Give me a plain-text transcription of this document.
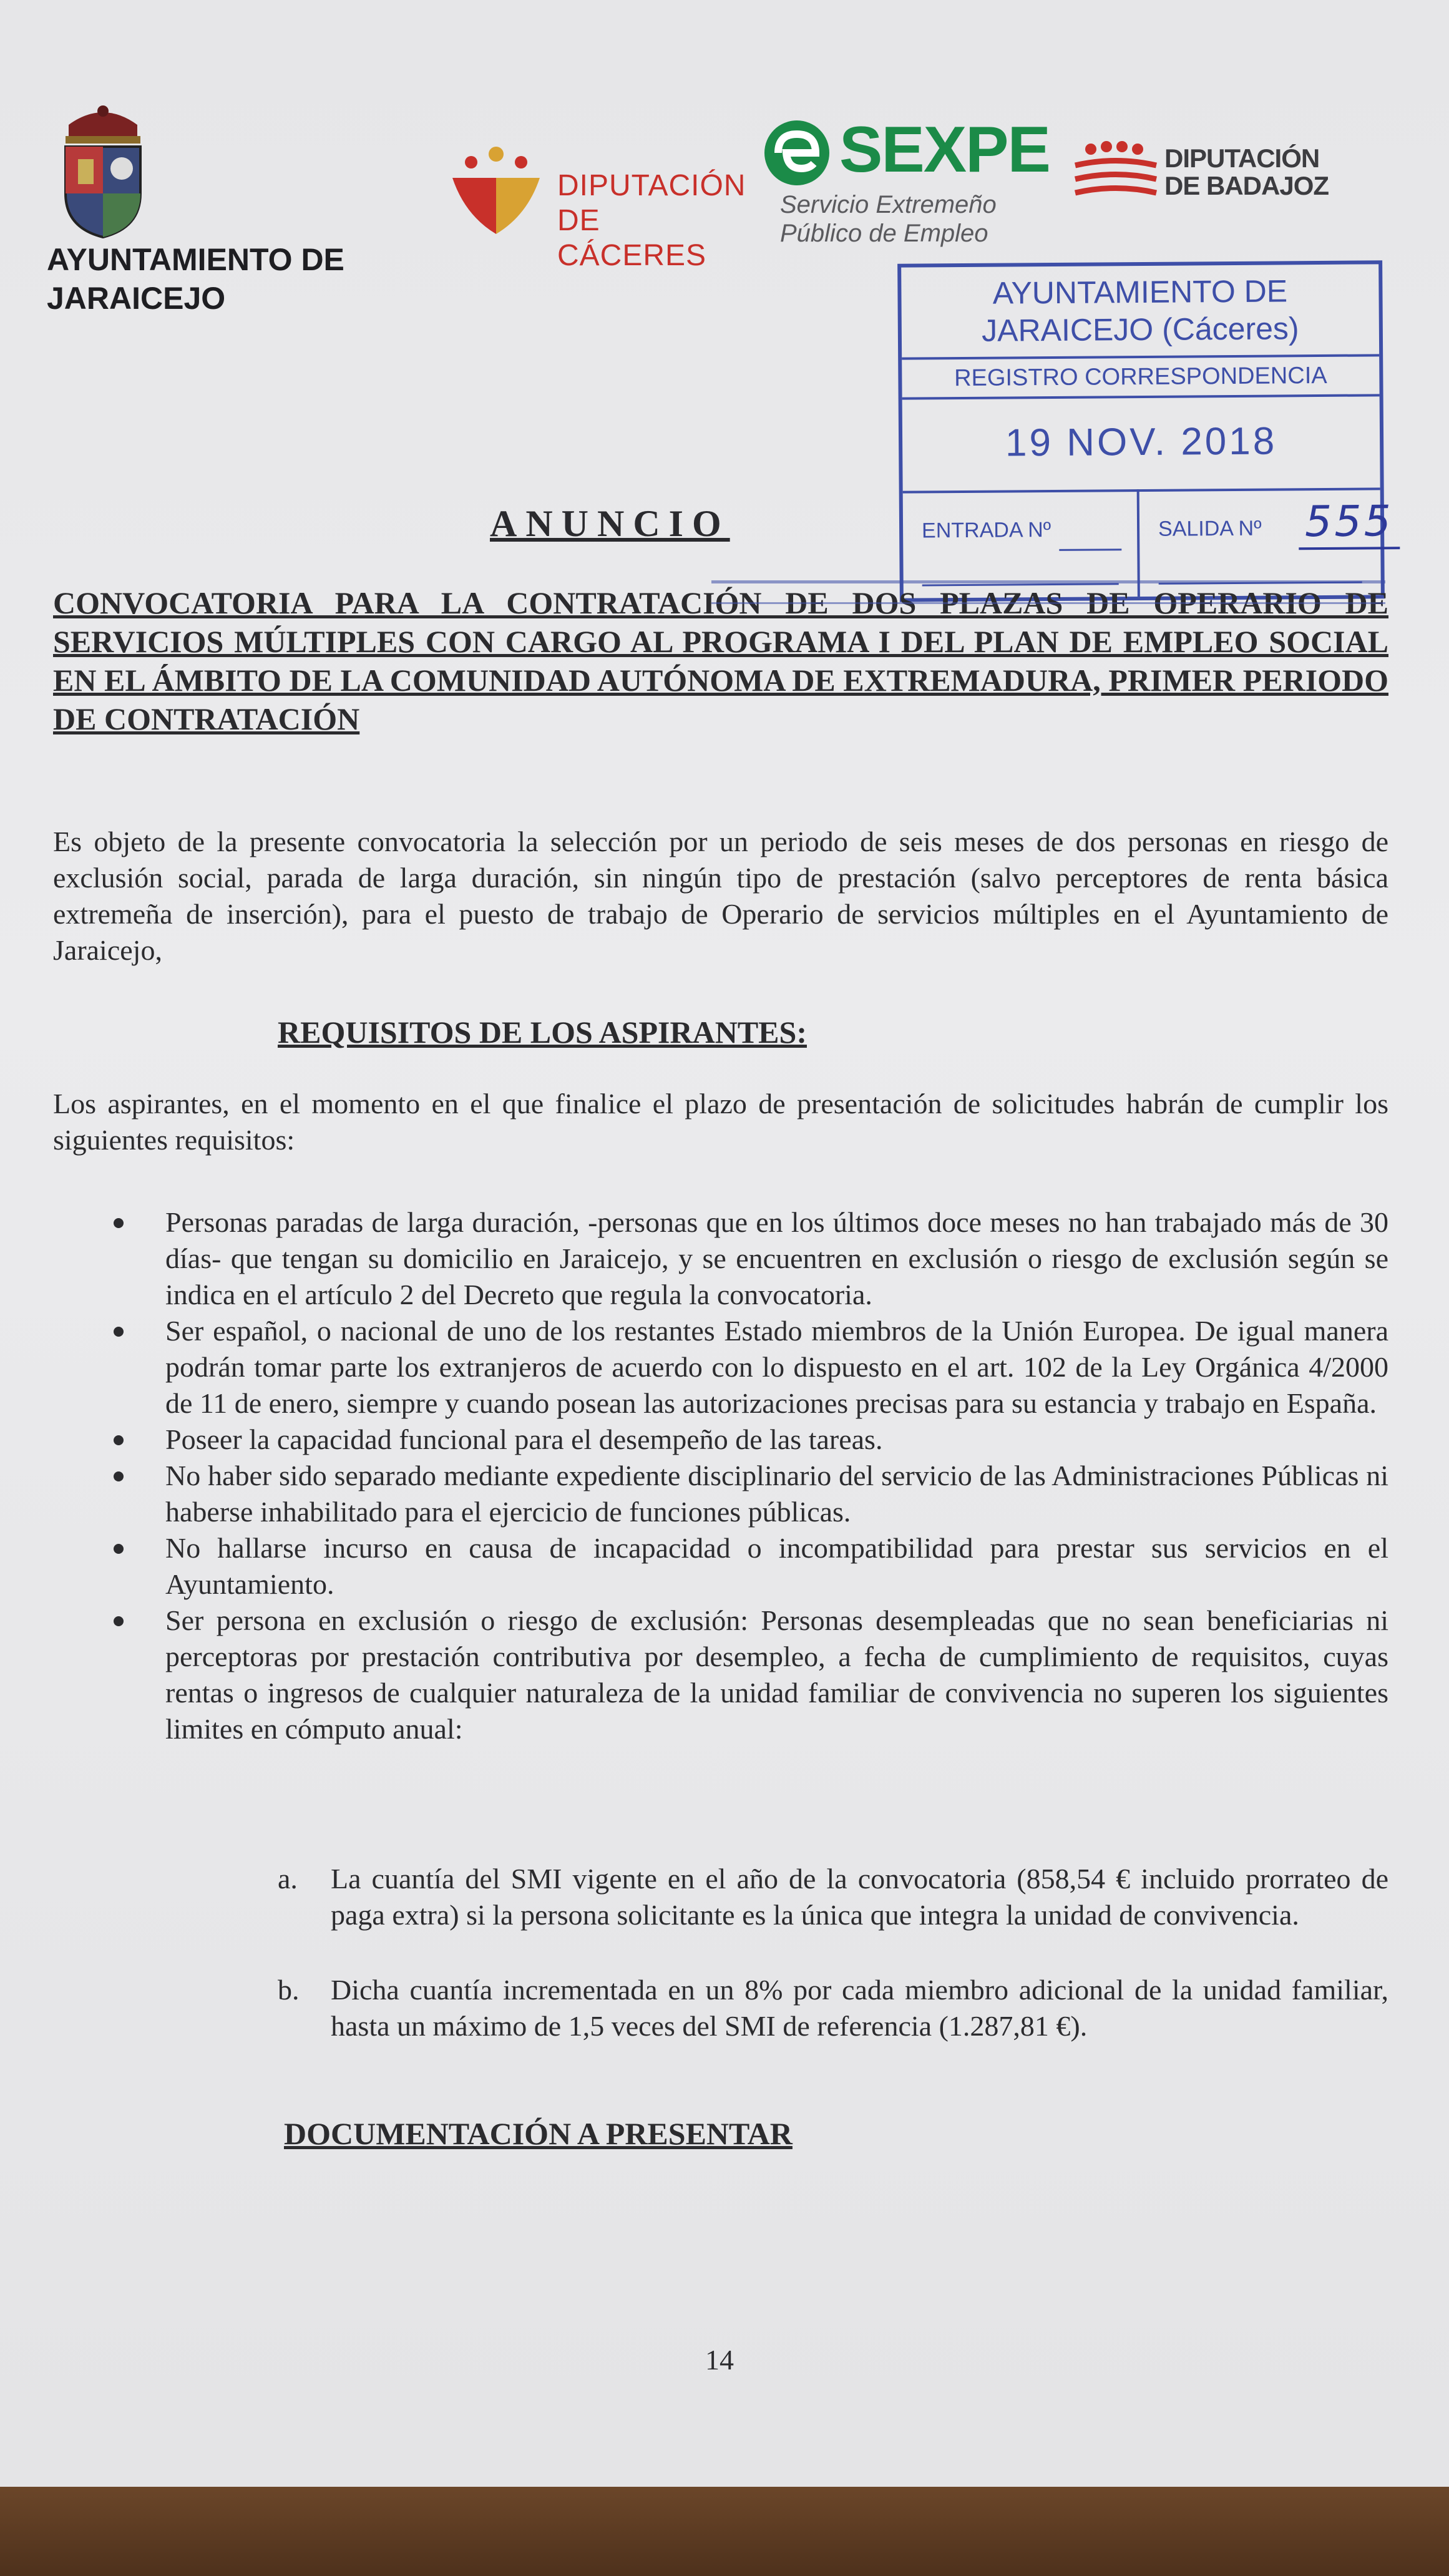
AYUNTAMIENTO DE
JARAICEJO
DIPUTACIÓN
DE CÁCERES
SEXPE
Servicio Extremeño
Público de Empleo
DIPUTACIÓN
DE BADAJOZ
AYUNTAMIENTO DE
JARAICEJO (Cáceres)
REGISTRO CORRESPONDENCIA
19 NOV. 2018
ENTRADA Nº	SALIDA Nº 555
ANUNCIO
CONVOCATORIA PARA LA CONTRATACIÓN DE DOS PLAZAS DE OPERARIO DE SERVICIOS MÚLTIPLES CON CARGO AL PROGRAMA I DEL PLAN DE EMPLEO SOCIAL EN EL ÁMBITO DE LA COMUNIDAD AUTÓNOMA DE EXTREMADURA, PRIMER PERIODO DE CONTRATACIÓN
Es objeto de la presente convocatoria la selección por un periodo de seis meses de dos personas en riesgo de exclusión social, parada de larga duración, sin ningún tipo de prestación (salvo perceptores de renta básica extremeña de inserción), para el puesto de trabajo de Operario de servicios múltiples en el Ayuntamiento de Jaraicejo,
REQUISITOS DE LOS ASPIRANTES:
Los aspirantes, en el momento en el que finalice el plazo de presentación de solicitudes habrán de cumplir los siguientes requisitos:
Personas paradas de larga duración, -personas que en los últimos doce meses no han trabajado más de 30 días- que tengan su domicilio en Jaraicejo, y se encuentren en exclusión o riesgo de exclusión según se indica en el artículo 2 del Decreto que regula la convocatoria.
Ser español, o nacional de uno de los restantes Estado miembros de la Unión Europea. De igual manera podrán tomar parte los extranjeros de acuerdo con lo dispuesto en el art. 102 de la Ley Orgánica 4/2000 de 11 de enero, siempre y cuando posean las autorizaciones precisas para su estancia y trabajo en España.
Poseer la capacidad funcional para el desempeño de las tareas.
No haber sido separado mediante expediente disciplinario del servicio de las Administraciones Públicas ni haberse inhabilitado para el ejercicio de funciones públicas.
No hallarse incurso en causa de incapacidad o incompatibilidad para prestar sus servicios en el Ayuntamiento.
Ser persona en exclusión o riesgo de exclusión: Personas desempleadas que no sean beneficiarias ni perceptoras por prestación contributiva por desempleo, a fecha de cumplimiento de requisitos, cuyas rentas o ingresos de cualquier naturaleza de la unidad familiar de convivencia no superen los siguientes limites en cómputo anual:
a. La cuantía del SMI vigente en el año de la convocatoria (858,54 € incluido prorrateo de paga extra) si la persona solicitante es la única que integra la unidad de convivencia.
b. Dicha cuantía incrementada en un 8% por cada miembro adicional de la unidad familiar, hasta un máximo de 1,5 veces del SMI de referencia (1.287,81 €).
DOCUMENTACIÓN A PRESENTAR
14
